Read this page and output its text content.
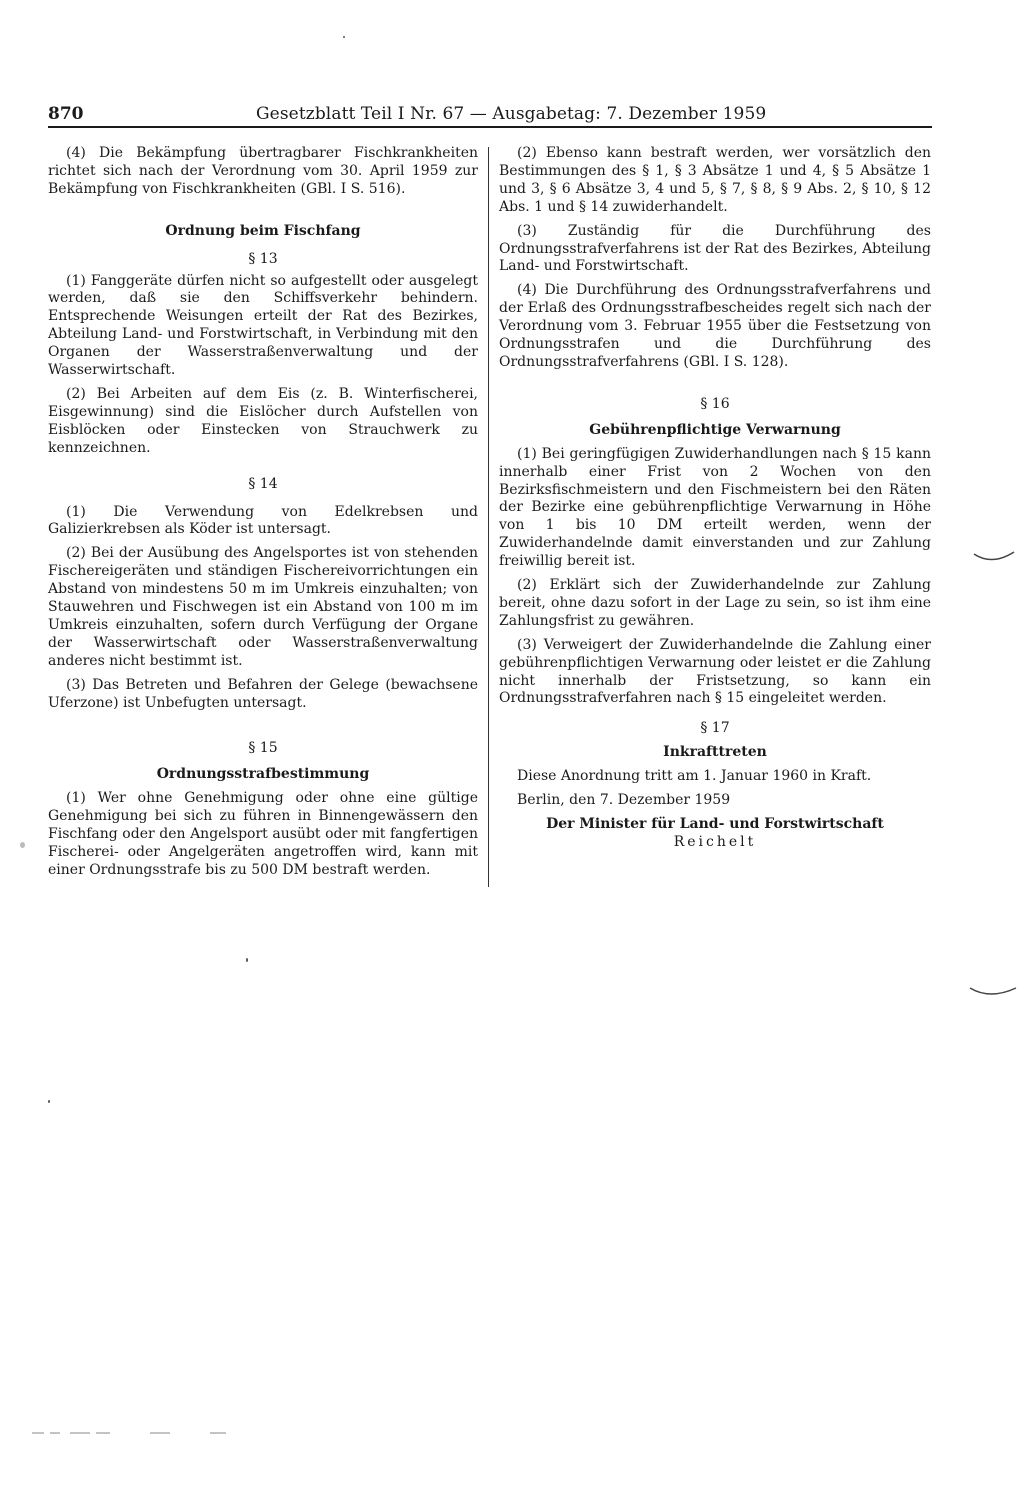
870	Gesetzblatt Teil I Nr. 67 — Ausgabetag: 7. Dezember 1959

(4) Die Bekämpfung übertragbarer Fischkrankheiten richtet sich nach der Verordnung vom 30. April 1959 zur Bekämpfung von Fischkrankheiten (GBl. I S. 516).

Ordnung beim Fischfang
§ 13

(1) Fanggeräte dürfen nicht so aufgestellt oder ausgelegt werden, daß sie den Schiffsverkehr behindern. Entsprechende Weisungen erteilt der Rat des Bezirkes, Abteilung Land- und Forstwirtschaft, in Verbindung mit den Organen der Wasserstraßenverwaltung und der Wasserwirtschaft.

(2) Bei Arbeiten auf dem Eis (z. B. Winterfischerei, Eisgewinnung) sind die Eislöcher durch Aufstellen von Eisblöcken oder Einstecken von Strauchwerk zu kennzeichnen.

§ 14

(1) Die Verwendung von Edelkrebsen und Galizierkrebsen als Köder ist untersagt.

(2) Bei der Ausübung des Angelsportes ist von stehenden Fischereigeräten und ständigen Fischereivorrichtungen ein Abstand von mindestens 50 m im Umkreis einzuhalten; von Stauwehren und Fischwegen ist ein Abstand von 100 m im Umkreis einzuhalten, sofern durch Verfügung der Organe der Wasserwirtschaft oder Wasserstraßenverwaltung anderes nicht bestimmt ist.

(3) Das Betreten und Befahren der Gelege (bewachsene Uferzone) ist Unbefugten untersagt.

§ 15
Ordnungsstrafbestimmung

(1) Wer ohne Genehmigung oder ohne eine gültige Genehmigung bei sich zu führen in Binnengewässern den Fischfang oder den Angelsport ausübt oder mit fangfertigen Fischerei- oder Angelgeräten angetroffen wird, kann mit einer Ordnungsstrafe bis zu 500 DM bestraft werden.

(2) Ebenso kann bestraft werden, wer vorsätzlich den Bestimmungen des § 1, § 3 Absätze 1 und 4, § 5 Absätze 1 und 3, § 6 Absätze 3, 4 und 5, § 7, § 8, § 9 Abs. 2, § 10, § 12 Abs. 1 und § 14 zuwiderhandelt.

(3) Zuständig für die Durchführung des Ordnungsstrafverfahrens ist der Rat des Bezirkes, Abteilung Land- und Forstwirtschaft.

(4) Die Durchführung des Ordnungsstrafverfahrens und der Erlaß des Ordnungsstrafbescheides regelt sich nach der Verordnung vom 3. Februar 1955 über die Festsetzung von Ordnungsstrafen und die Durchführung des Ordnungsstrafverfahrens (GBl. I S. 128).

§ 16
Gebührenpflichtige Verwarnung

(1) Bei geringfügigen Zuwiderhandlungen nach § 15 kann innerhalb einer Frist von 2 Wochen von den Bezirksfischmeistern und den Fischmeistern bei den Räten der Bezirke eine gebührenpflichtige Verwarnung in Höhe von 1 bis 10 DM erteilt werden, wenn der Zuwiderhandelnde damit einverstanden und zur Zahlung freiwillig bereit ist.

(2) Erklärt sich der Zuwiderhandelnde zur Zahlung bereit, ohne dazu sofort in der Lage zu sein, so ist ihm eine Zahlungsfrist zu gewähren.

(3) Verweigert der Zuwiderhandelnde die Zahlung einer gebührenpflichtigen Verwarnung oder leistet er die Zahlung nicht innerhalb der Fristsetzung, so kann ein Ordnungsstrafverfahren nach § 15 eingeleitet werden.

§ 17
Inkrafttreten

Diese Anordnung tritt am 1. Januar 1960 in Kraft.

Berlin, den 7. Dezember 1959

Der Minister für Land- und Forstwirtschaft
Reichelt
